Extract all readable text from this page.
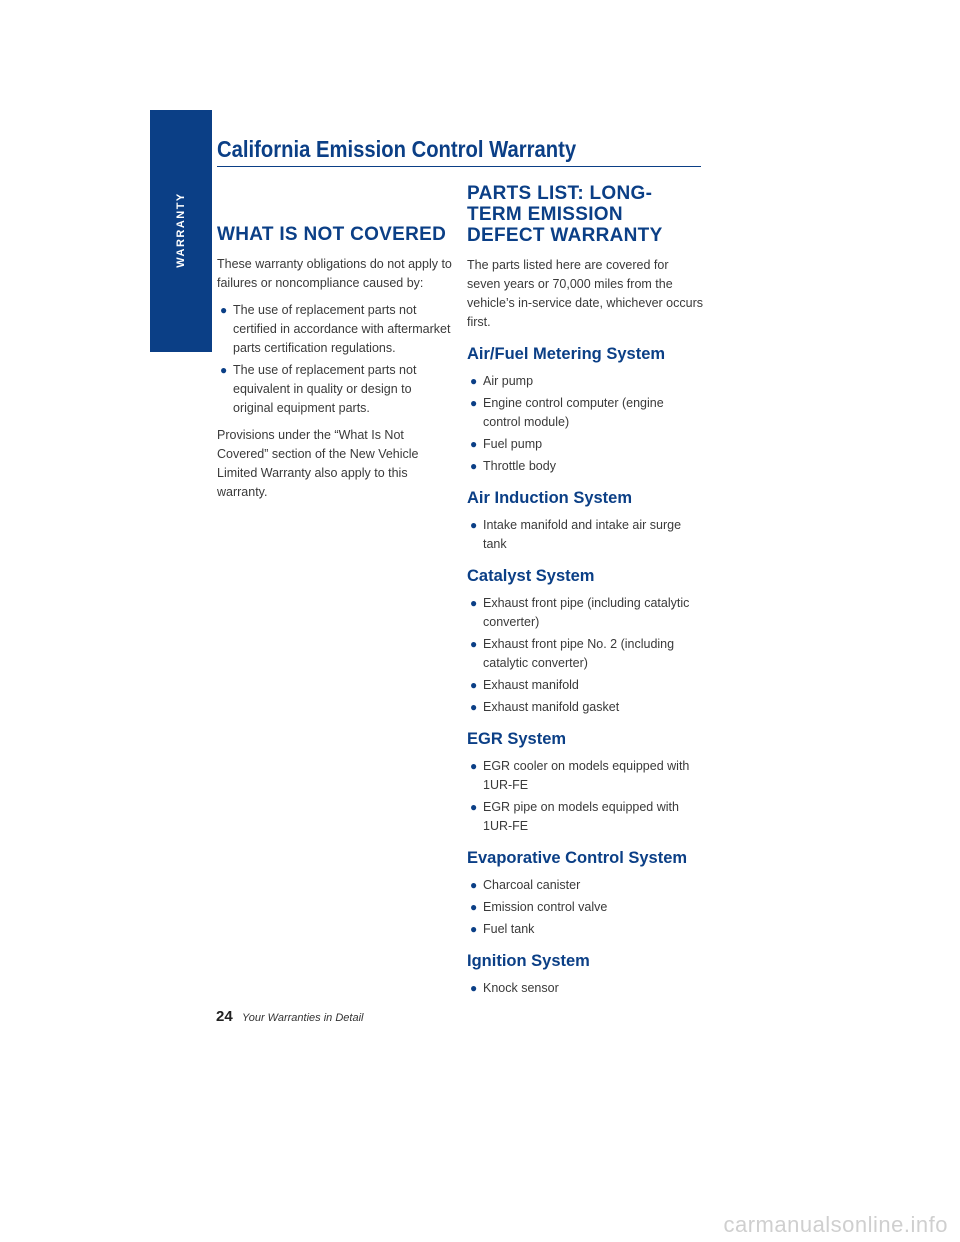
WARRANTY
California Emission Control Warranty
WHAT IS NOT COVERED

These warranty obligations do not apply to failures or noncompliance caused by:

● The use of replacement parts not certified in accordance with aftermarket parts certification regulations.
● The use of replacement parts not equivalent in quality or design to original equipment parts.

Provisions under the “What Is Not Covered” section of the New Vehicle Limited Warranty also apply to this warranty.

PARTS LIST: LONG-TERM EMISSION DEFECT WARRANTY

The parts listed here are covered for seven years or 70,000 miles from the vehicle’s in-service date, whichever occurs first.

Air/Fuel Metering System
● Air pump
● Engine control computer (engine control module)
● Fuel pump
● Throttle body
Air Induction System
● Intake manifold and intake air surge tank
Catalyst System
● Exhaust front pipe (including catalytic converter)
● Exhaust front pipe No. 2 (including catalytic converter)
● Exhaust manifold
● Exhaust manifold gasket
EGR System
● EGR cooler on models equipped with 1UR-FE
● EGR pipe on models equipped with 1UR-FE
Evaporative Control System
● Charcoal canister
● Emission control valve
● Fuel tank
Ignition System
● Knock sensor
24 Your Warranties in Detail
carmanualsonline.info
